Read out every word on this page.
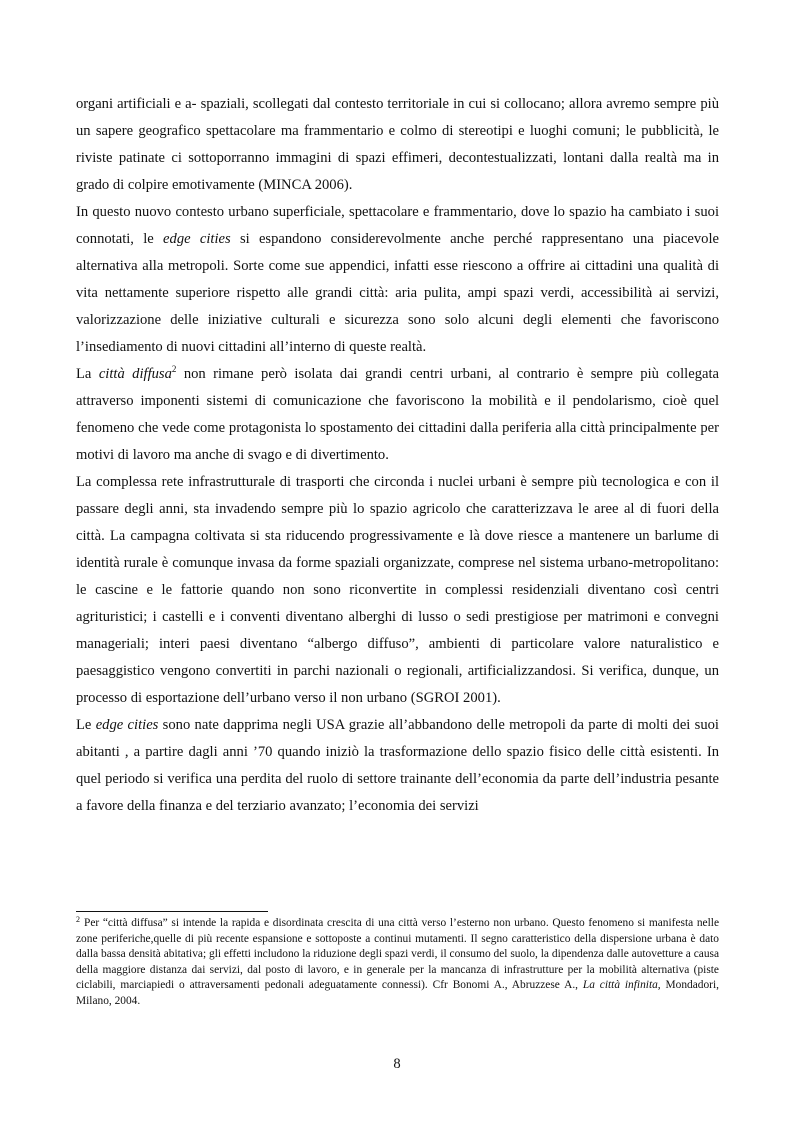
organi artificiali e a- spaziali, scollegati dal contesto territoriale in cui si collocano; allora avremo sempre più un sapere geografico spettacolare ma frammentario e colmo di stereotipi e luoghi comuni; le pubblicità, le riviste patinate ci sottoporranno immagini di spazi effimeri, decontestualizzati, lontani dalla realtà ma in grado di colpire emotivamente (MINCA 2006).

In questo nuovo contesto urbano superficiale, spettacolare e frammentario, dove lo spazio ha cambiato i suoi connotati, le edge cities si espandono considerevolmente anche perché rappresentano una piacevole alternativa alla metropoli. Sorte come sue appendici, infatti esse riescono a offrire ai cittadini una qualità di vita nettamente superiore rispetto alle grandi città: aria pulita, ampi spazi verdi, accessibilità ai servizi, valorizzazione delle iniziative culturali e sicurezza sono solo alcuni degli elementi che favoriscono l’insediamento di nuovi cittadini all’interno di queste realtà.

La città diffusa$^2$ non rimane però isolata dai grandi centri urbani, al contrario è sempre più collegata attraverso imponenti sistemi di comunicazione che favoriscono la mobilità e il pendolarismo, cioè quel fenomeno che vede come protagonista lo spostamento dei cittadini dalla periferia alla città principalmente per motivi di lavoro ma anche di svago e di divertimento.

La complessa rete infrastrutturale di trasporti che circonda i nuclei urbani è sempre più tecnologica e con il passare degli anni, sta invadendo sempre più lo spazio agricolo che caratterizzava le aree al di fuori della città. La campagna coltivata si sta riducendo progressivamente e là dove riesce a mantenere un barlume di identità rurale è comunque invasa da forme spaziali organizzate, comprese nel sistema urbano-metropolitano: le cascine e le fattorie quando non sono riconvertite in complessi residenziali diventano così centri agrituristici; i castelli e i conventi diventano alberghi di lusso o sedi prestigiose per matrimoni e convegni manageriali; interi paesi diventano “albergo diffuso”, ambienti di particolare valore naturalistico e paesaggistico vengono convertiti in parchi nazionali o regionali, artificializzandosi. Si verifica, dunque, un processo di esportazione dell’urbano verso il non urbano (SGROI 2001).

Le edge cities sono nate dapprima negli USA grazie all’abbandono delle metropoli da parte di molti dei suoi abitanti , a partire dagli anni ’70 quando iniziò la trasformazione dello spazio fisico delle città esistenti. In quel periodo si verifica una perdita del ruolo di settore trainante dell’economia da parte dell’industria pesante a favore della finanza e del terziario avanzato; l’economia dei servizi

$^2$ Per “città diffusa” si intende la rapida e disordinata crescita di una città verso l’esterno non urbano. Questo fenomeno si manifesta nelle zone periferiche,quelle di più recente espansione e sottoposte a continui mutamenti. Il segno caratteristico della dispersione urbana è dato dalla bassa densità abitativa; gli effetti includono la riduzione degli spazi verdi, il consumo del suolo, la dipendenza dalle autovetture a causa della maggiore distanza dai servizi, dal posto di lavoro, e in generale per la mancanza di infrastrutture per la mobilità alternativa (piste ciclabili, marciapiedi o attraversamenti pedonali adeguatamente connessi). Cfr Bonomi A., Abruzzese A., La città infinita, Mondadori, Milano, 2004.

8
